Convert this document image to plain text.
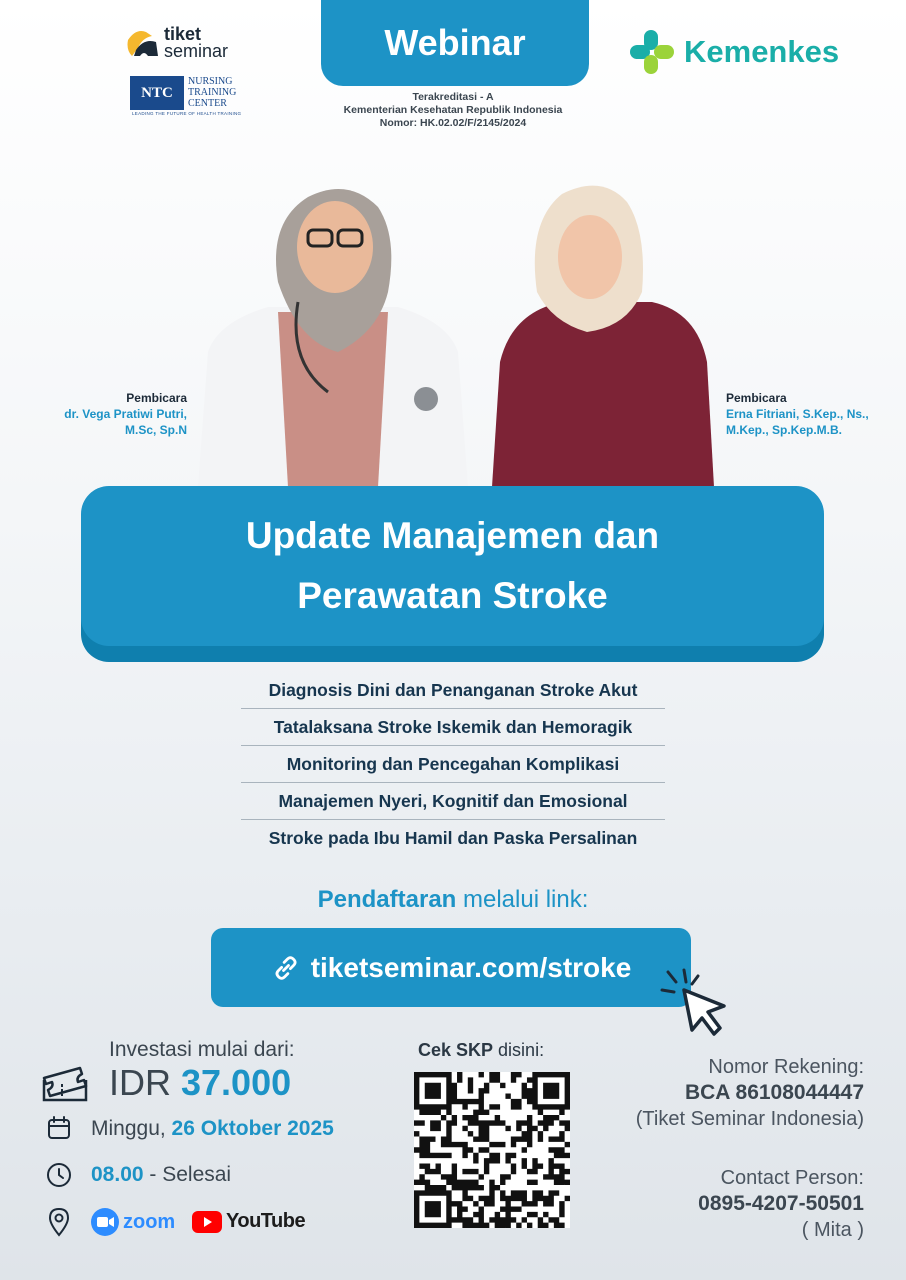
tiket
seminar
NTC
NURSING
TRAINING
CENTER
LEADING THE FUTURE OF HEALTH TRAINING
Webinar
Terakreditasi - A
Kementerian Kesehatan Republik Indonesia
Nomor: HK.02.02/F/2145/2024
Kemenkes
Pembicara
dr. Vega Pratiwi Putri,
M.Sc, Sp.N
Pembicara
Erna Fitriani, S.Kep., Ns.,
M.Kep., Sp.Kep.M.B.
Update Manajemen dan
Perawatan Stroke
Diagnosis Dini dan Penanganan Stroke Akut
Tatalaksana Stroke Iskemik dan Hemoragik
Monitoring dan Pencegahan Komplikasi
Manajemen Nyeri, Kognitif dan Emosional
Stroke pada Ibu Hamil dan Paska Persalinan
Pendaftaran melalui link:
tiketseminar.com/stroke
Investasi mulai dari:
IDR 37.000
Minggu, 26 Oktober 2025
08.00 - Selesai
zoom	YouTube
Cek SKP disini:
Nomor Rekening:
BCA 86108044447
(Tiket Seminar Indonesia)
Contact Person:
0895-4207-50501
( Mita )
